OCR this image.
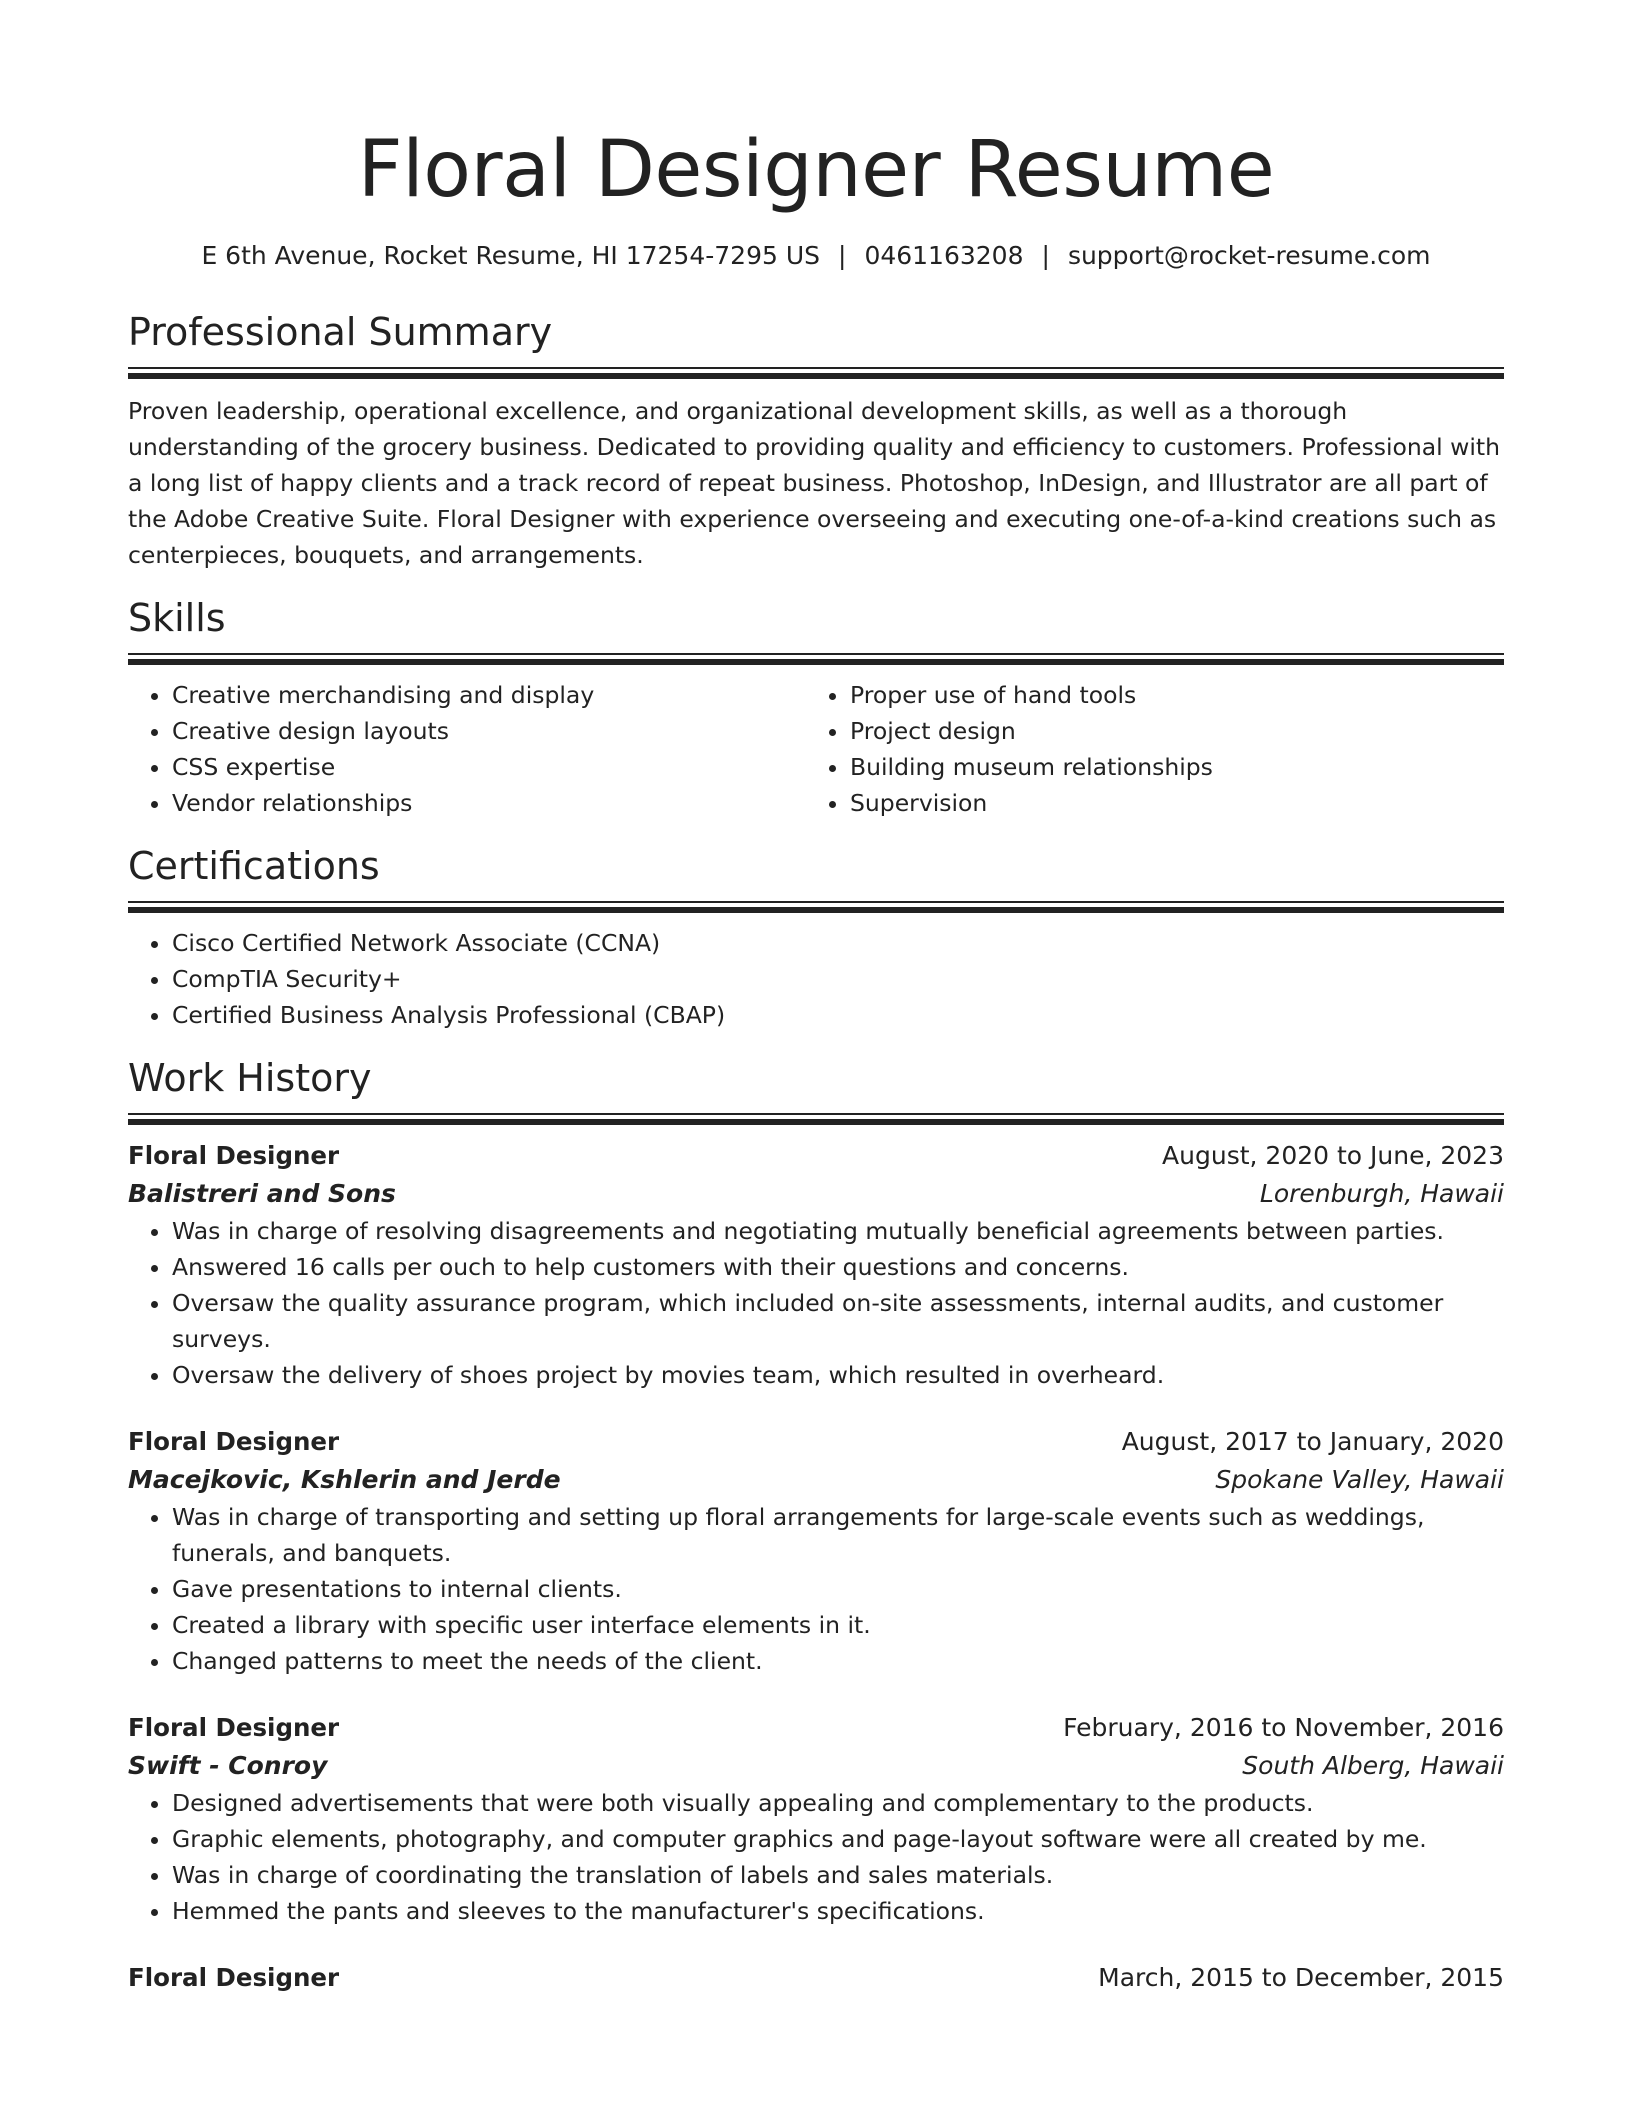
Floral Designer Resume
E 6th Avenue, Rocket Resume, HI 17254-7295 US | 0461163208 | support@rocket-resume.com
Professional Summary

Proven leadership, operational excellence, and organizational development skills, as well as a thorough understanding of the grocery business. Dedicated to providing quality and efficiency to customers. Professional with a long list of happy clients and a track record of repeat business. Photoshop, InDesign, and Illustrator are all part of the Adobe Creative Suite. Floral Designer with experience overseeing and executing one-of-a-kind creations such as centerpieces, bouquets, and arrangements.

Skills
• Creative merchandising and display
• Creative design layouts
• CSS expertise
• Vendor relationships
• Proper use of hand tools
• Project design
• Building museum relationships
• Supervision
Certifications
• Cisco Certified Network Associate (CCNA)
• CompTIA Security+
• Certified Business Analysis Professional (CBAP)
Work History
Floral Designer	August, 2020 to June, 2023
Balistreri and Sons	Lorenburgh, Hawaii
• Was in charge of resolving disagreements and negotiating mutually beneficial agreements between parties.
• Answered 16 calls per ouch to help customers with their questions and concerns.
• Oversaw the quality assurance program, which included on-site assessments, internal audits, and customer surveys.
• Oversaw the delivery of shoes project by movies team, which resulted in overheard.
Floral Designer	August, 2017 to January, 2020
Macejkovic, Kshlerin and Jerde	Spokane Valley, Hawaii
• Was in charge of transporting and setting up floral arrangements for large-scale events such as weddings, funerals, and banquets.
• Gave presentations to internal clients.
• Created a library with specific user interface elements in it.
• Changed patterns to meet the needs of the client.
Floral Designer	February, 2016 to November, 2016
Swift - Conroy	South Alberg, Hawaii
• Designed advertisements that were both visually appealing and complementary to the products.
• Graphic elements, photography, and computer graphics and page-layout software were all created by me.
• Was in charge of coordinating the translation of labels and sales materials.
• Hemmed the pants and sleeves to the manufacturer's specifications.
Floral Designer	March, 2015 to December, 2015
